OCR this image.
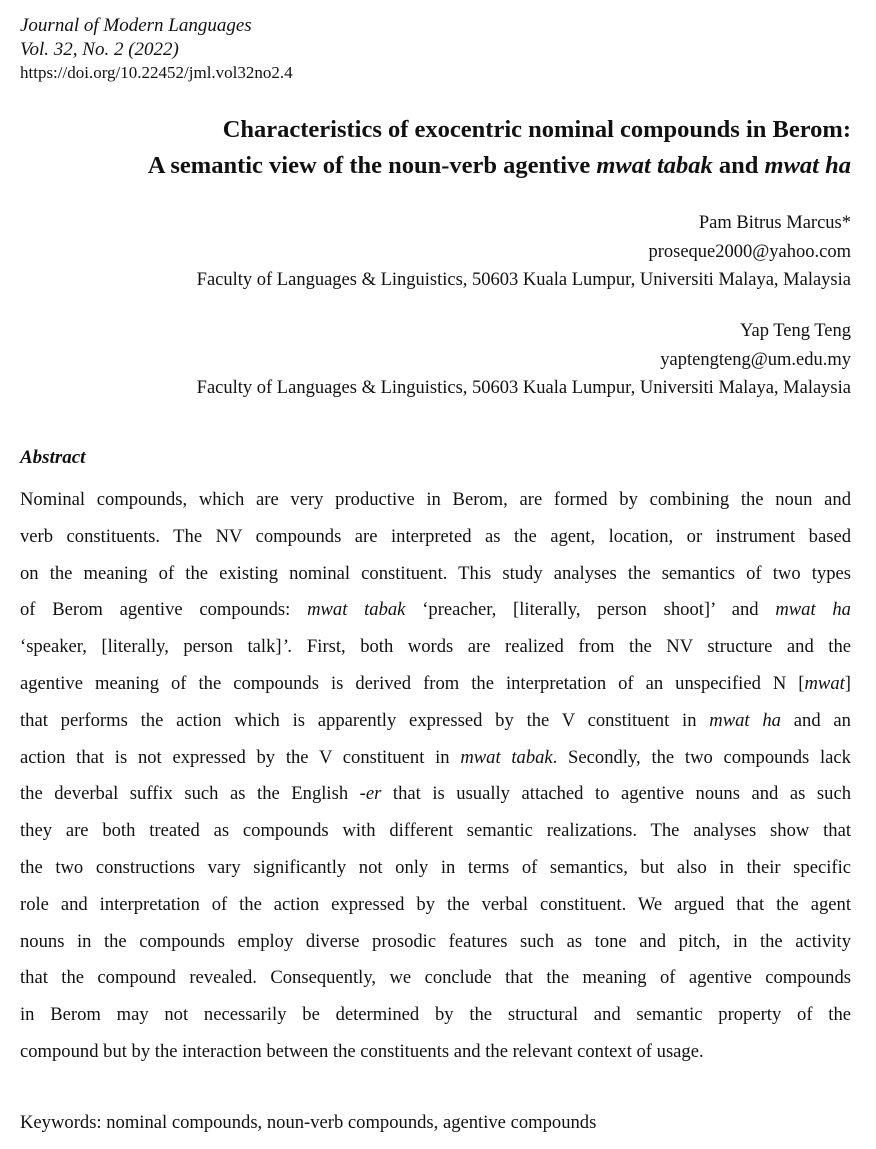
Journal of Modern Languages
Vol. 32, No. 2 (2022)
https://doi.org/10.22452/jml.vol32no2.4
Characteristics of exocentric nominal compounds in Berom:
A semantic view of the noun-verb agentive mwat tabak and mwat ha
Pam Bitrus Marcus*
proseque2000@yahoo.com
Faculty of Languages & Linguistics, 50603 Kuala Lumpur, Universiti Malaya, Malaysia
Yap Teng Teng
yaptengteng@um.edu.my
Faculty of Languages & Linguistics, 50603 Kuala Lumpur, Universiti Malaya, Malaysia
Abstract
Nominal compounds, which are very productive in Berom, are formed by combining the noun and
verb constituents. The NV compounds are interpreted as the agent, location, or instrument based
on the meaning of the existing nominal constituent. This study analyses the semantics of two types
of Berom agentive compounds: mwat tabak ‘preacher, [literally, person shoot]’ and mwat ha
‘speaker, [literally, person talk]’. First, both words are realized from the NV structure and the
agentive meaning of the compounds is derived from the interpretation of an unspecified N [mwat]
that performs the action which is apparently expressed by the V constituent in mwat ha and an
action that is not expressed by the V constituent in mwat tabak. Secondly, the two compounds lack
the deverbal suffix such as the English -er that is usually attached to agentive nouns and as such
they are both treated as compounds with different semantic realizations. The analyses show that
the two constructions vary significantly not only in terms of semantics, but also in their specific
role and interpretation of the action expressed by the verbal constituent. We argued that the agent
nouns in the compounds employ diverse prosodic features such as tone and pitch, in the activity
that the compound revealed. Consequently, we conclude that the meaning of agentive compounds
in Berom may not necessarily be determined by the structural and semantic property of the
compound but by the interaction between the constituents and the relevant context of usage.
Keywords: nominal compounds, noun-verb compounds, agentive compounds
